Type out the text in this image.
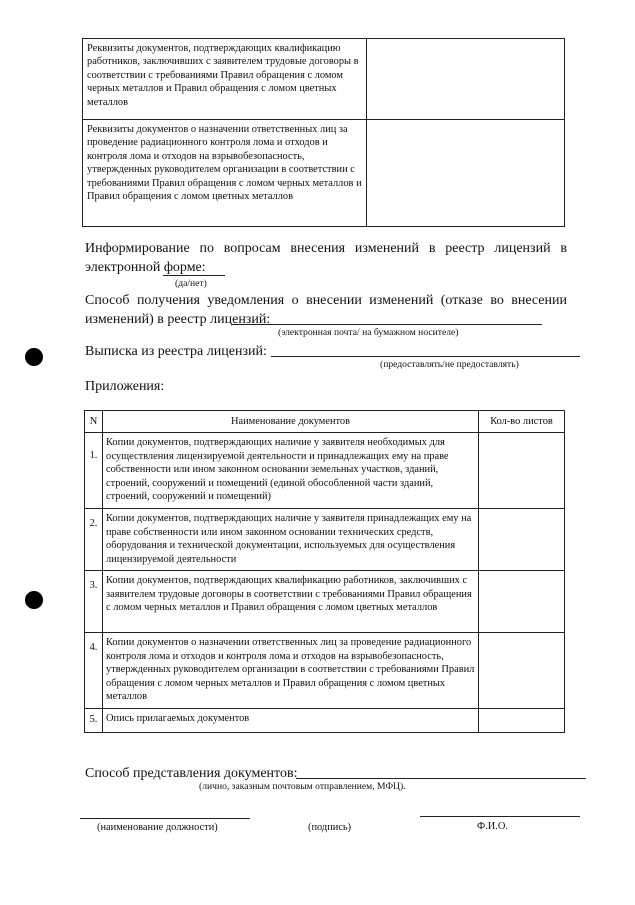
Реквизиты документов, подтверждающих квалификацию работников, заключивших с заявителем трудовые договоры в соответствии с требованиями Правил обращения с ломом черных металлов и Правил обращения с ломом цветных металлов	
Реквизиты документов о назначении ответственных лиц за проведение радиационного контроля лома и отходов и контроля лома и отходов на взрывобезопасность, утвержденных руководителем организации в соответствии с требованиями Правил обращения с ломом черных металлов и Правил обращения с ломом цветных металлов	
Информирование по вопросам внесения изменений в реестр лицензий в электронной форме:
(да/нет)
Способ получения уведомления о внесении изменений (отказе во внесении изменений) в реестр лицензий:
(электронная почта/ на бумажном носителе)
Выписка из реестра лицензий:
(предоставлять/не предоставлять)
Приложения:
N	Наименование документов	Кол-во листов
1.	Копии документов, подтверждающих наличие у заявителя необходимых для осуществления лицензируемой деятельности и принадлежащих ему на праве собственности или ином законном основании земельных участков, зданий, строений, сооружений и помещений (единой обособленной части зданий, строений, сооружений и помещений)	
2.	Копии документов, подтверждающих наличие у заявителя принадлежащих ему на праве собственности или ином законном основании технических средств, оборудования и технической документации, используемых для осуществления лицензируемой деятельности	
3.	Копии документов, подтверждающих квалификацию работников, заключивших с заявителем трудовые договоры в соответствии с требованиями Правил обращения с ломом черных металлов и Правил обращения с ломом цветных металлов	
4.	Копии документов о назначении ответственных лиц за проведение радиационного контроля лома и отходов и контроля лома и отходов на взрывобезопасность, утвержденных руководителем организации в соответствии с требованиями Правил обращения с ломом черных металлов и Правил обращения с ломом цветных металлов	
5.	Опись прилагаемых документов	
Способ представления документов:
(лично, заказным почтовым отправлением, МФЦ).
(наименование должности)	(подпись)	Ф.И.О.
